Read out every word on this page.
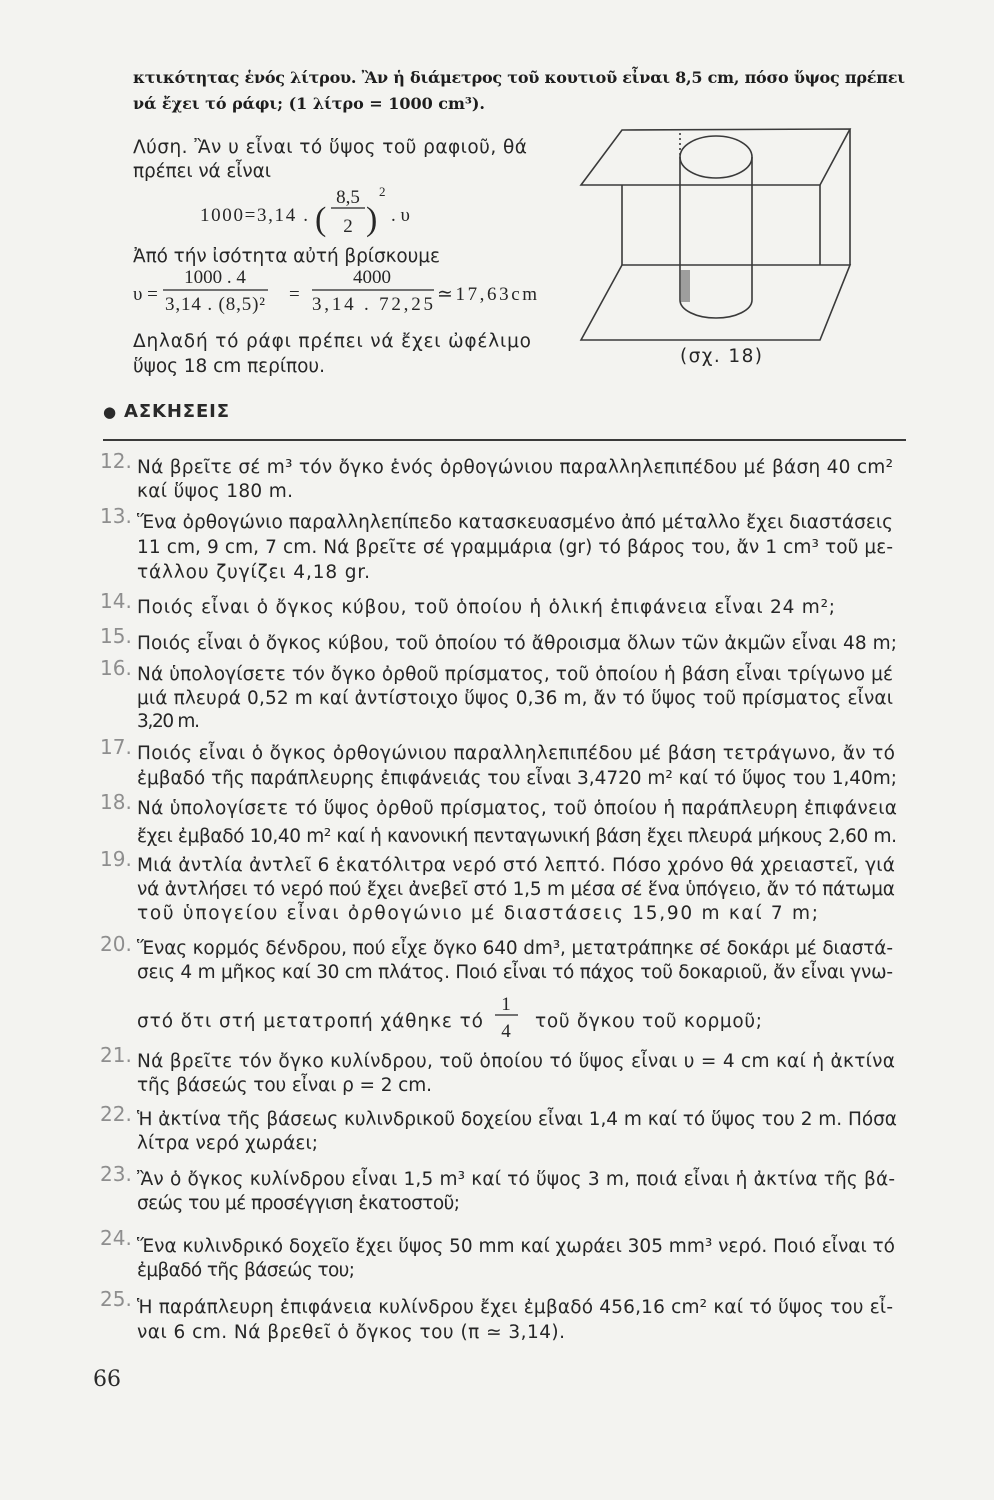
κτικότητας ἑνός λίτρου. Ἂν ἡ διάμετρος τοῦ κουτιοῦ εἶναι 8,5 cm, πόσο ὕψος πρέπει
νά ἔχει τό ράφι; (1 λίτρο = 1000 cm³).
Λύση. Ἂν υ εἶναι τό ὕψος τοῦ ραφιοῦ, θά
πρέπει νά εἶναι
1000=3,14 . (
8,5
2 )
2
. υ
Ἀπό τήν ἰσότητα αὐτή βρίσκουμε
υ =
1000 . 4
3,14 . (8,5)² =
4000
3,14 . 72,25 ≃17,63cm
Δηλαδή τό ράφι πρέπει νά ἔχει ὠφέλιμο
ὕψος 18 cm περίπου.	(σχ. 18)
● ΑΣΚΗΣΕΙΣ
12. Νά βρεῖτε σέ m³ τόν ὄγκο ἑνός ὀρθογώνιου παραλληλεπιπέδου μέ βάση 40 cm²
καί ὕψος 180 m.
13. Ἕνα ὀρθογώνιο παραλληλεπίπεδο κατασκευασμένο ἀπό μέταλλο ἔχει διαστάσεις
11 cm, 9 cm, 7 cm. Νά βρεῖτε σέ γραμμάρια (gr) τό βάρος του, ἄν 1 cm³ τοῦ με-
τάλλου ζυγίζει 4,18 gr.
14. Ποιός εἶναι ὁ ὄγκος κύβου, τοῦ ὁποίου ἡ ὁλική ἐπιφάνεια εἶναι 24 m²;
15. Ποιός εἶναι ὁ ὄγκος κύβου, τοῦ ὁποίου τό ἄθροισμα ὅλων τῶν ἀκμῶν εἶναι 48 m;
16. Νά ὑπολογίσετε τόν ὄγκο ὀρθοῦ πρίσματος, τοῦ ὁποίου ἡ βάση εἶναι τρίγωνο μέ
μιά πλευρά 0,52 m καί ἀντίστοιχο ὕψος 0,36 m, ἄν τό ὕψος τοῦ πρίσματος εἶναι
3,20 m.
17. Ποιός εἶναι ὁ ὄγκος ὀρθογώνιου παραλληλεπιπέδου μέ βάση τετράγωνο, ἄν τό
ἐμβαδό τῆς παράπλευρης ἐπιφάνειάς του εἶναι 3,4720 m² καί τό ὕψος του 1,40m;
18. Νά ὑπολογίσετε τό ὕψος ὀρθοῦ πρίσματος, τοῦ ὁποίου ἡ παράπλευρη ἐπιφάνεια
ἔχει ἐμβαδό 10,40 m² καί ἡ κανονική πενταγωνική βάση ἔχει πλευρά μήκους 2,60 m.
19. Μιά ἀντλία ἀντλεῖ 6 ἑκατόλιτρα νερό στό λεπτό. Πόσο χρόνο θά χρειαστεῖ, γιά
νά ἀντλήσει τό νερό πού ἔχει ἀνεβεῖ στό 1,5 m μέσα σέ ἕνα ὑπόγειο, ἄν τό πάτωμα
τοῦ ὑπογείου εἶναι ὀρθογώνιο μέ διαστάσεις 15,90 m καί 7 m;
20. Ἕνας κορμός δένδρου, πού εἶχε ὄγκο 640 dm³, μετατράπηκε σέ δοκάρι μέ διαστά-
σεις 4 m μῆκος καί 30 cm πλάτος. Ποιό εἶναι τό πάχος τοῦ δοκαριοῦ, ἄν εἶναι γνω-
στό ὅτι στή μετατροπή χάθηκε τό
1
4 τοῦ ὄγκου τοῦ κορμοῦ;
21. Νά βρεῖτε τόν ὄγκο κυλίνδρου, τοῦ ὁποίου τό ὕψος εἶναι υ = 4 cm καί ἡ ἀκτίνα
τῆς βάσεώς του εἶναι ρ = 2 cm.
22. Ἡ ἀκτίνα τῆς βάσεως κυλινδρικοῦ δοχείου εἶναι 1,4 m καί τό ὕψος του 2 m. Πόσα
λίτρα νερό χωράει;
23. Ἂν ὁ ὄγκος κυλίνδρου εἶναι 1,5 m³ καί τό ὕψος 3 m, ποιά εἶναι ἡ ἀκτίνα τῆς βά-
σεώς του μέ προσέγγιση ἑκατοστοῦ;
24. Ἕνα κυλινδρικό δοχεῖο ἔχει ὕψος 50 mm καί χωράει 305 mm³ νερό. Ποιό εἶναι τό
ἐμβαδό τῆς βάσεώς του;
25. Ἡ παράπλευρη ἐπιφάνεια κυλίνδρου ἔχει ἐμβαδό 456,16 cm² καί τό ὕψος του εἶ-
ναι 6 cm. Νά βρεθεῖ ὁ ὄγκος του (π ≃ 3,14).
66
